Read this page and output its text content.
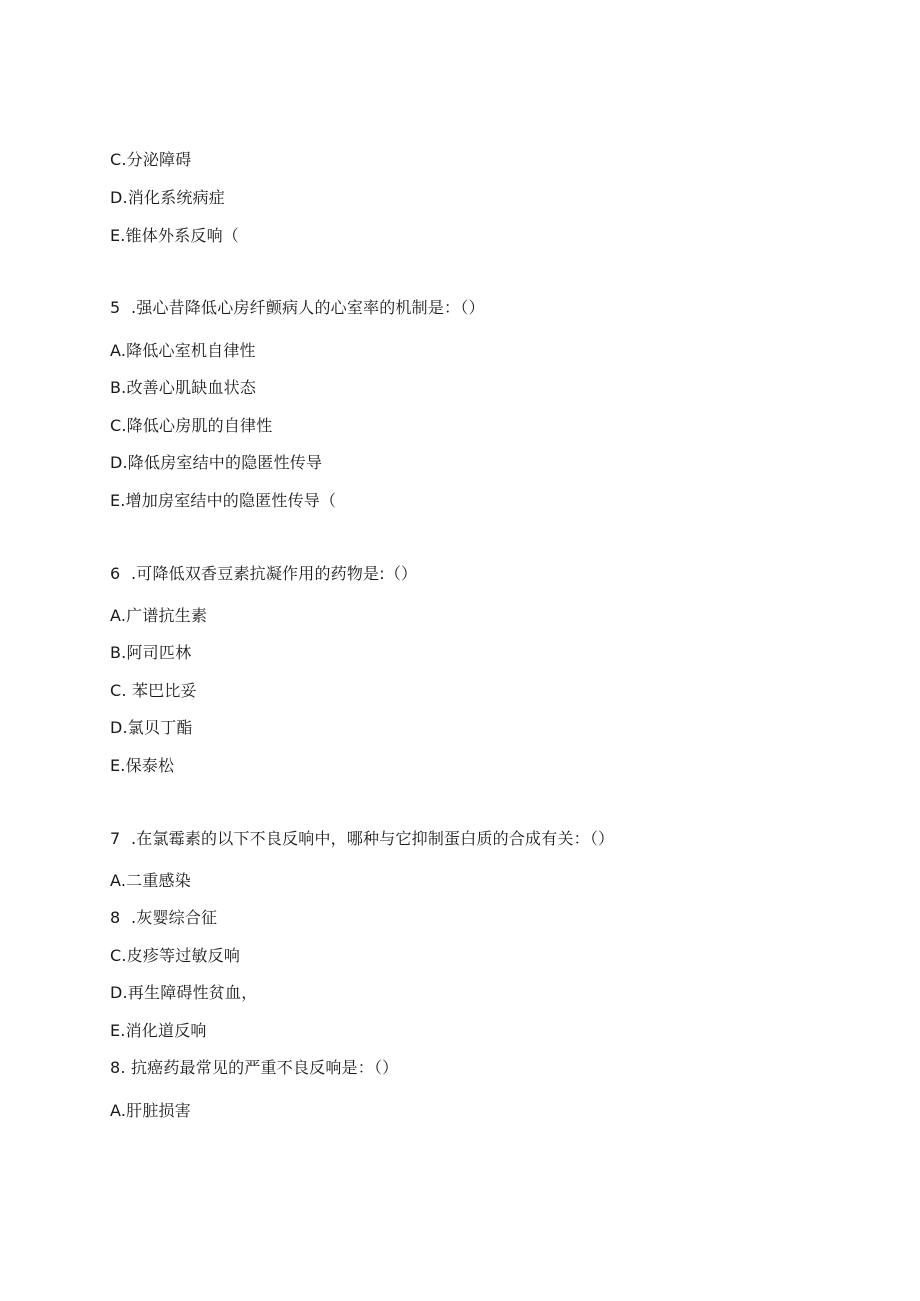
C.分泌障碍
D.消化系统病症
E.锥体外系反响（
5  .强心昔降低心房纤颤病人的心室率的机制是：（）
A.降低心室机自律性
B.改善心肌缺血状态
C.降低心房肌的自律性
D.降低房室结中的隐匿性传导
E.增加房室结中的隐匿性传导（
6  .可降低双香豆素抗凝作用的药物是:（）
A.广谱抗生素
B.阿司匹林
C. 苯巴比妥
D.氯贝丁酯
E.保泰松
7  .在氯霉素的以下不良反响中，哪种与它抑制蛋白质的合成有关：（）
A.二重感染
8  .灰婴综合征
C.皮疹等过敏反响
D.再生障碍性贫血，
E.消化道反响
8. 抗癌药最常见的严重不良反响是：（）
A.肝脏损害
